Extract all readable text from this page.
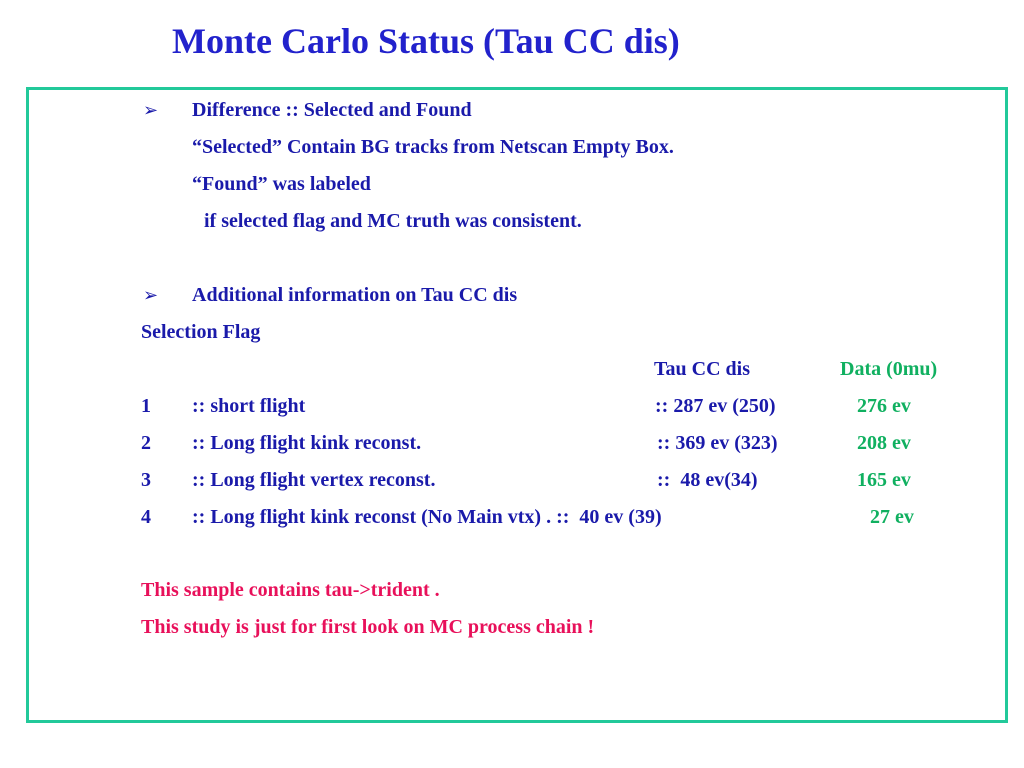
Monte Carlo Status (Tau CC dis)
➢ Difference :: Selected and Found
“Selected” Contain BG tracks from Netscan Empty Box.
“Found” was labeled
if selected flag and MC truth was consistent.
➢ Additional information on Tau CC dis
Selection Flag
Tau CC dis	Data (0mu)
1 :: short flight	:: 287 ev (250)	276 ev
2 :: Long flight kink reconst.	:: 369 ev (323)	208 ev
3 :: Long flight vertex reconst.	::  48 ev(34)	165 ev
4 :: Long flight kink reconst (No Main vtx) . ::  40 ev (39)	27 ev
This sample contains tau->trident .
This study is just for first look on MC process chain !
